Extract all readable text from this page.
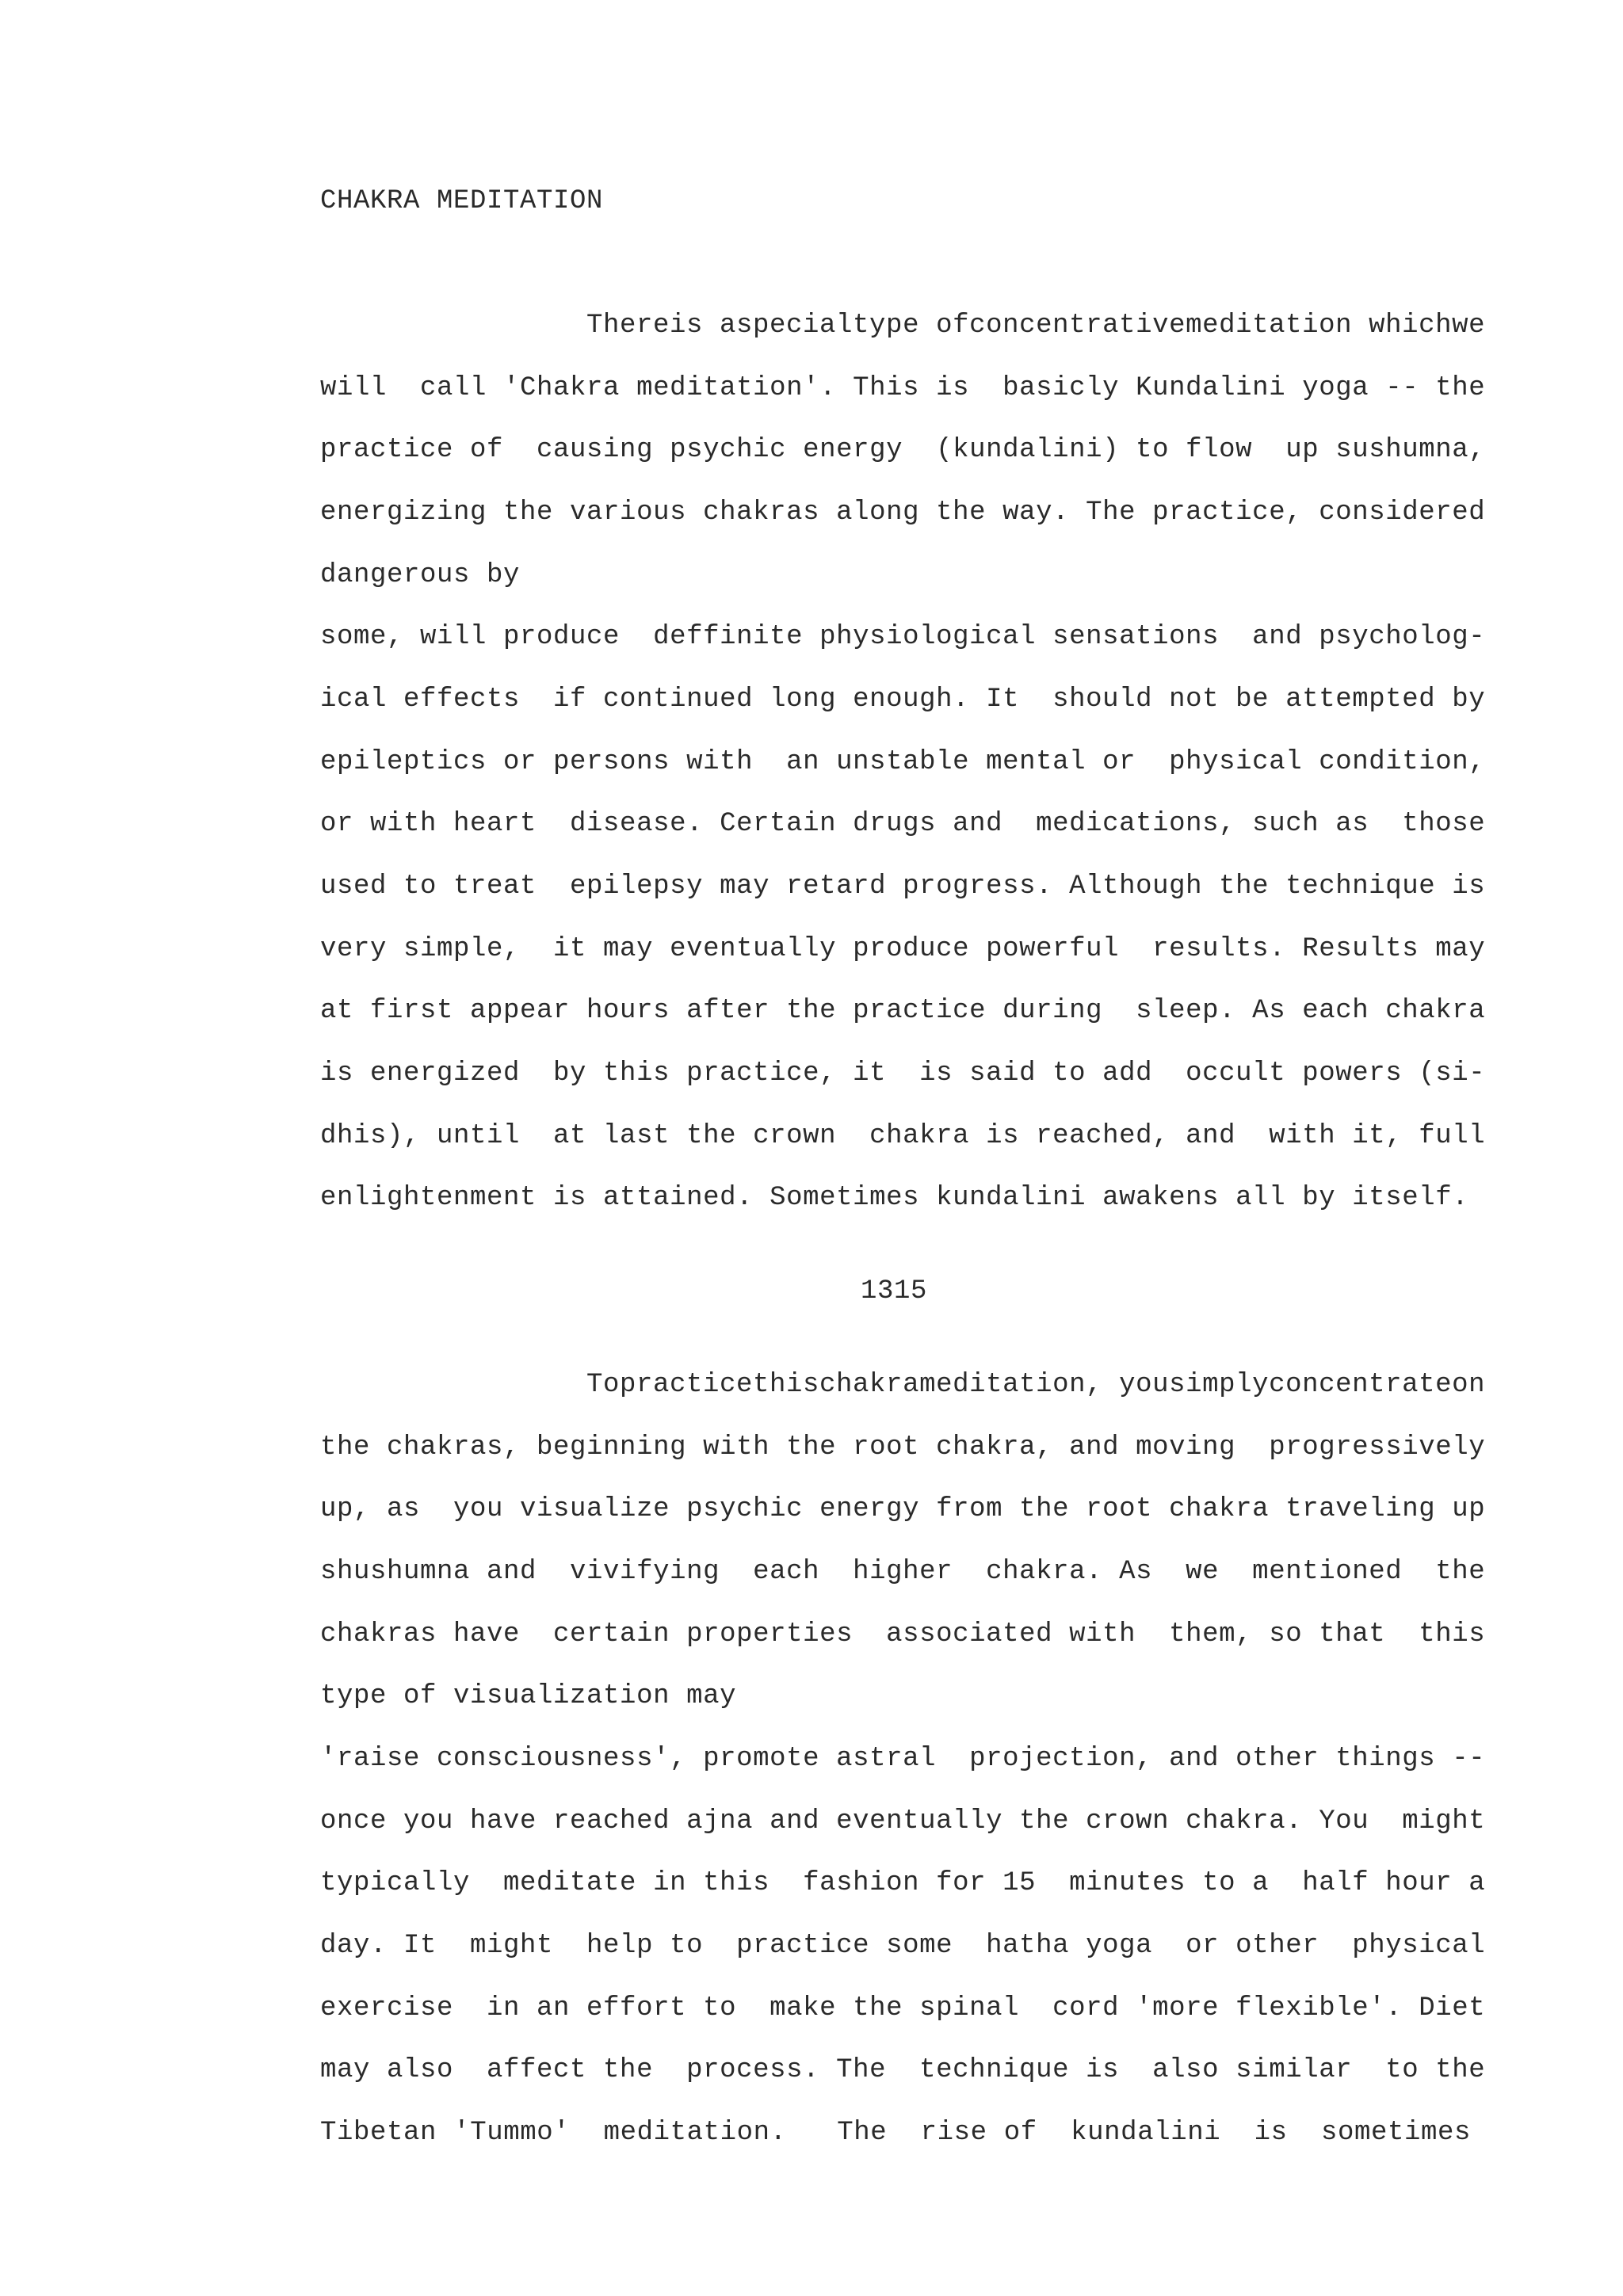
CHAKRA MEDITATION
Thereis aspecialtype ofconcentrativemeditation whichwe
will  call 'Chakra meditation'. This is  basicly Kundalini yoga -- the
practice of  causing psychic energy  (kundalini) to flow  up sushumna,
energizing the various chakras along the way. The practice, considered
dangerous by
some, will produce  deffinite physiological sensations  and psycholog-
ical effects  if continued long enough. It  should not be attempted by
epileptics or persons with  an unstable mental or  physical condition,
or with heart  disease. Certain drugs and  medications, such as  those
used to treat  epilepsy may retard progress. Although the technique is
very simple,  it may eventually produce powerful  results. Results may
at first appear hours after the practice during  sleep. As each chakra
is energized  by this practice, it  is said to add  occult powers (si-
dhis), until  at last the crown  chakra is reached, and  with it, full
enlightenment is attained. Sometimes kundalini awakens all by itself.
1315
Topracticethischakrameditation, yousimplyconcentrateon
the chakras, beginning with the root chakra, and moving  progressively
up, as  you visualize psychic energy from the root chakra traveling up
shushumna and  vivifying  each  higher  chakra. As  we  mentioned  the
chakras have  certain properties  associated with  them, so that  this
type of visualization may
'raise consciousness', promote astral  projection, and other things --
once you have reached ajna and eventually the crown chakra. You  might
typically  meditate in this  fashion for 15  minutes to a  half hour a
day. It  might  help to  practice some  hatha yoga  or other  physical
exercise  in an effort to  make the spinal  cord 'more flexible'. Diet
may also  affect the  process. The  technique is  also similar  to the
Tibetan 'Tummo'  meditation.   The  rise of  kundalini  is  sometimes
